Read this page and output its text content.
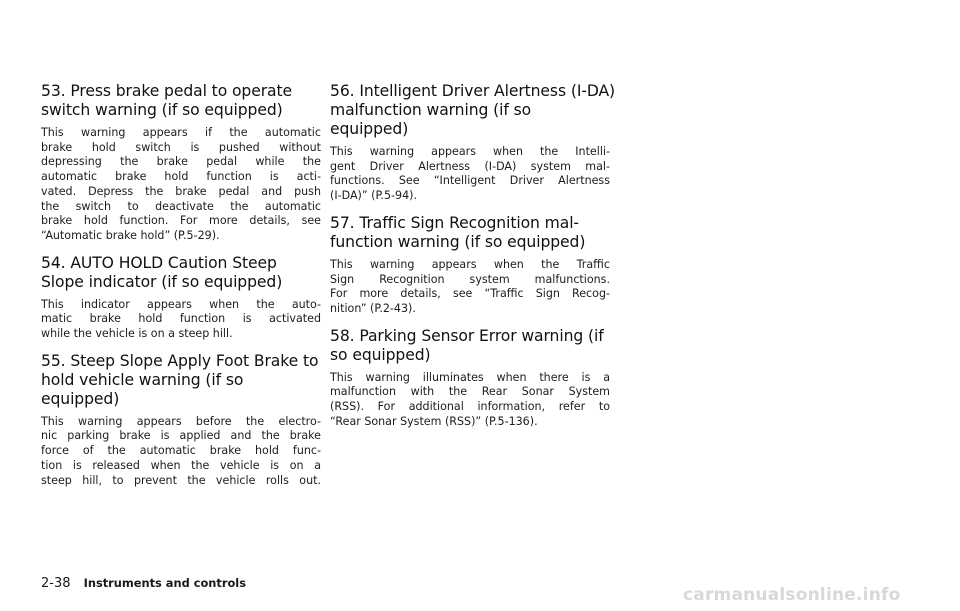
53. Press brake pedal to operate
switch warning (if so equipped)
This warning appears if the automatic
brake hold switch is pushed without
depressing the brake pedal while the
automatic brake hold function is acti-
vated. Depress the brake pedal and push
the switch to deactivate the automatic
brake hold function. For more details, see
“Automatic brake hold” (P.5-29).
54. AUTO HOLD Caution Steep
Slope indicator (if so equipped)
This indicator appears when the auto-
matic brake hold function is activated
while the vehicle is on a steep hill.
55. Steep Slope Apply Foot Brake to
hold vehicle warning (if so
equipped)
This warning appears before the electro-
nic parking brake is applied and the brake
force of the automatic brake hold func-
tion is released when the vehicle is on a
steep hill, to prevent the vehicle rolls out.
56. Intelligent Driver Alertness (I-DA)
malfunction warning (if so
equipped)
This warning appears when the Intelli-
gent Driver Alertness (I-DA) system mal-
functions. See “Intelligent Driver Alertness
(I-DA)” (P.5-94).
57. Traffic Sign Recognition mal-
function warning (if so equipped)
This warning appears when the Traffic
Sign Recognition system malfunctions.
For more details, see “Traffic Sign Recog-
nition” (P.2-43).
58. Parking Sensor Error warning (if
so equipped)
This warning illuminates when there is a
malfunction with the Rear Sonar System
(RSS). For additional information, refer to
“Rear Sonar System (RSS)” (P.5-136).
2-38 Instruments and controls
carmanualsonline.info
